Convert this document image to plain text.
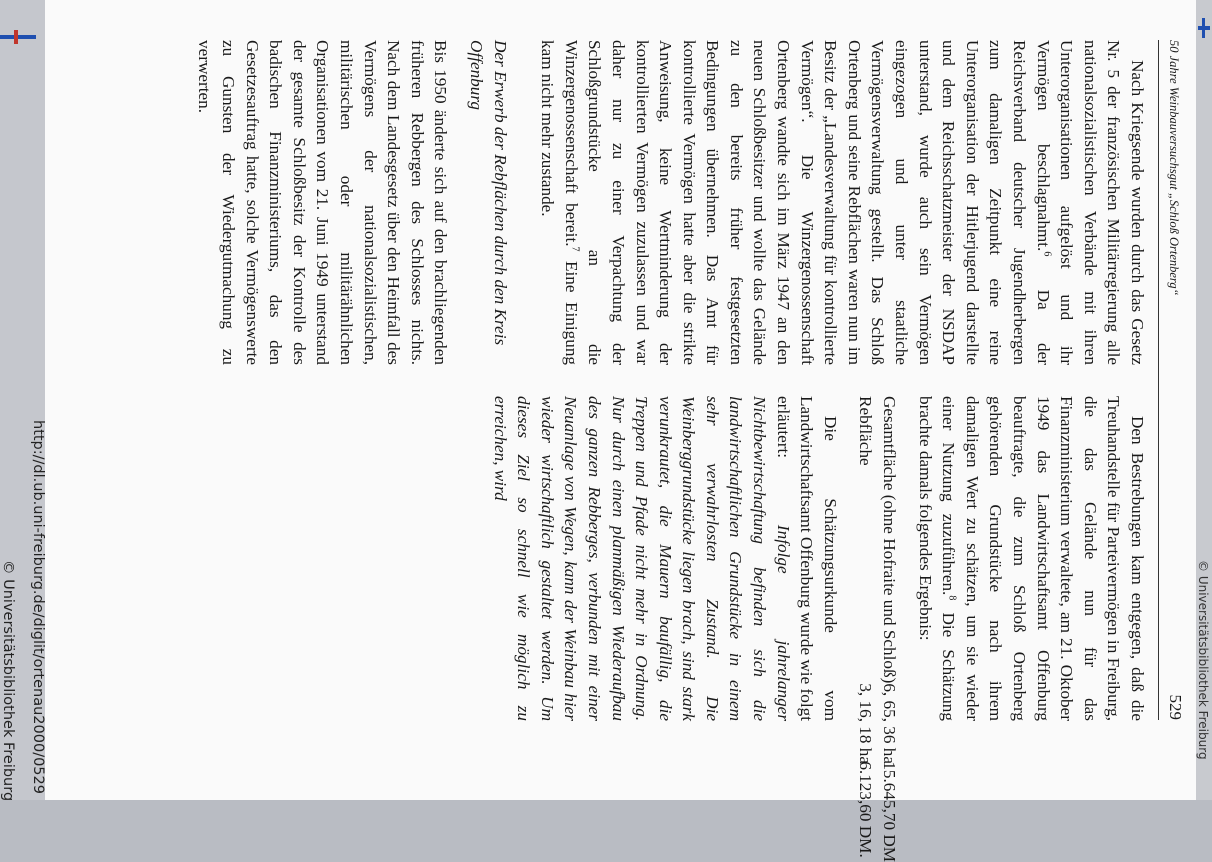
50 Jahre Weinbauversuchsgut „Schloß Ortenberg“
529

Nach Kriegsende wurden durch das Gesetz Nr. 5 der französischen Militärregierung alle nationalsozialistischen Verbände mit ihren Unterorganisationen aufgelöst und ihr Vermögen beschlagnahmt.$^6$ Da der Reichsverband deutscher Jugendherbergen zum damaligen Zeitpunkt eine reine Unterorganisation der Hitlerjugend darstellte und dem Reichsschatzmeister der NSDAP unterstand, wurde auch sein Vermögen eingezogen und unter staatliche Vermögensverwaltung gestellt. Das Schloß Ortenberg und seine Rebflächen waren nun im Besitz der „Landesverwaltung für kontrollierte Vermögen“. Die Winzergenossenschaft Ortenberg wandte sich im März 1947 an den neuen Schloßbesitzer und wollte das Gelände zu den bereits früher festgesetzten Bedingungen übernehmen. Das Amt für kontrollierte Vermögen hatte aber die strikte Anweisung, keine Wertminderung der kontrollierten Vermögen zuzulassen und war daher nur zu einer Verpachtung der Schloßgrundstücke an die Winzergenossenschaft bereit.$^7$ Eine Einigung kam nicht mehr zustande.

Der Erwerb der Rebflächen durch den Kreis Offenburg

Bis 1950 änderte sich auf den brachliegenden früheren Rebbergen des Schlosses nichts. Nach dem Landesgesetz über den Heimfall des Vermögens der nationalsozialistischen, militärischen oder militärähnlichen Organisationen vom 21. Juni 1949 unterstand der gesamte Schloßbesitz der Kontrolle des badischen Finanzministeriums, das den Gesetzesauftrag hatte, solche Vermögenswerte zu Gunsten der Wiedergutmachung zu verwerten.

Den Bestrebungen kam entgegen, daß die Treuhandstelle für Parteivermögen in Freiburg, die das Gelände nun für das Finanzministerium verwaltete, am 21. Oktober 1949 das Landwirtschaftsamt Offenburg beauftragte, die zum Schloß Ortenberg gehörenden Grundstücke nach ihrem damaligen Wert zu schätzen, um sie wieder einer Nutzung zuzuführen.$^8$ Die Schätzung brachte damals folgendes Ergebnis:

Gesamtfläche (ohne Hofraite und Schloß)
6, 65, 36 ha
15.645,70 DM
Rebfläche
3, 16, 18 ha
6.123,60 DM.

Die Schätzungsurkunde vom Landwirtschaftsamt Offenburg wurde wie folgt erläutert: Infolge jahrelanger Nichtbewirtschaftung befinden sich die landwirtschaftlichen Grundstücke in einem sehr verwahrlosten Zustand. Die Weinberggrundstücke liegen brach, sind stark verunkrautet, die Mauern baufällig, die Treppen und Pfade nicht mehr in Ordnung. Nur durch einen planmäßigen Wiederaufbau des ganzen Rebberges, verbunden mit einer Neuanlage von Wegen, kann der Weinbau hier wieder wirtschaftlich gestaltet werden. Um dieses Ziel so schnell wie möglich zu erreichen, wird

http://dl.ub.uni-freiburg.de/diglit/ortenau2000/0529
© Universitätsbibliothek Freiburg	© Universitätsbibliothek Freiburg
